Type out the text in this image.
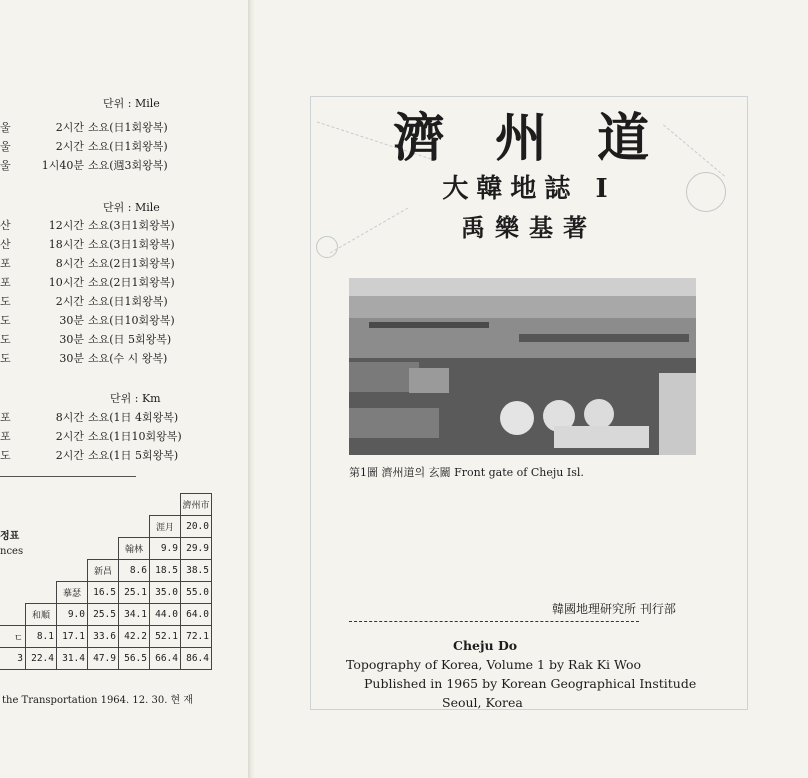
단위 : Mile
울	2시간 소요(日1회왕복)
울	2시간 소요(日1회왕복)
울	1시40분 소요(週3회왕복)
단위 : Mile
산	12시간 소요(3日1회왕복)
산	18시간 소요(3日1회왕복)
포	8시간 소요(2日1회왕복)
포	10시간 소요(2日1회왕복)
도	2시간 소요(日1회왕복)
도	30분 소요(日10회왕복)
도	30분 소요(日 5회왕복)
도	30분 소요(수 시 왕복)
단위 : Km
포	8시간 소요(1日 4회왕복)
포	2시간 소요(1日10회왕복)
도	2시간 소요(1日 5회왕복)
정표
nces
						濟州市
					涯月	20.0
				翰林	9.9	29.9
			新昌	8.6	18.5	38.5
		摹瑟	16.5	25.1	35.0	55.0
	和順	9.0	25.5	34.1	44.0	64.0
ㄷ	8.1	17.1	33.6	42.2	52.1	72.1
3	22.4	31.4	47.9	56.5	66.4	86.4
the Transportation 1964. 12. 30. 현 재
濟 州 道
大韓地誌 I
禹樂基著
第1圖 濟州道의 玄關 Front gate of Cheju Isl.
韓國地理研究所 刊行部
Cheju Do
Topography of Korea, Volume 1 by Rak Ki Woo
Published in 1965 by Korean Geographical Institude
Seoul, Korea
